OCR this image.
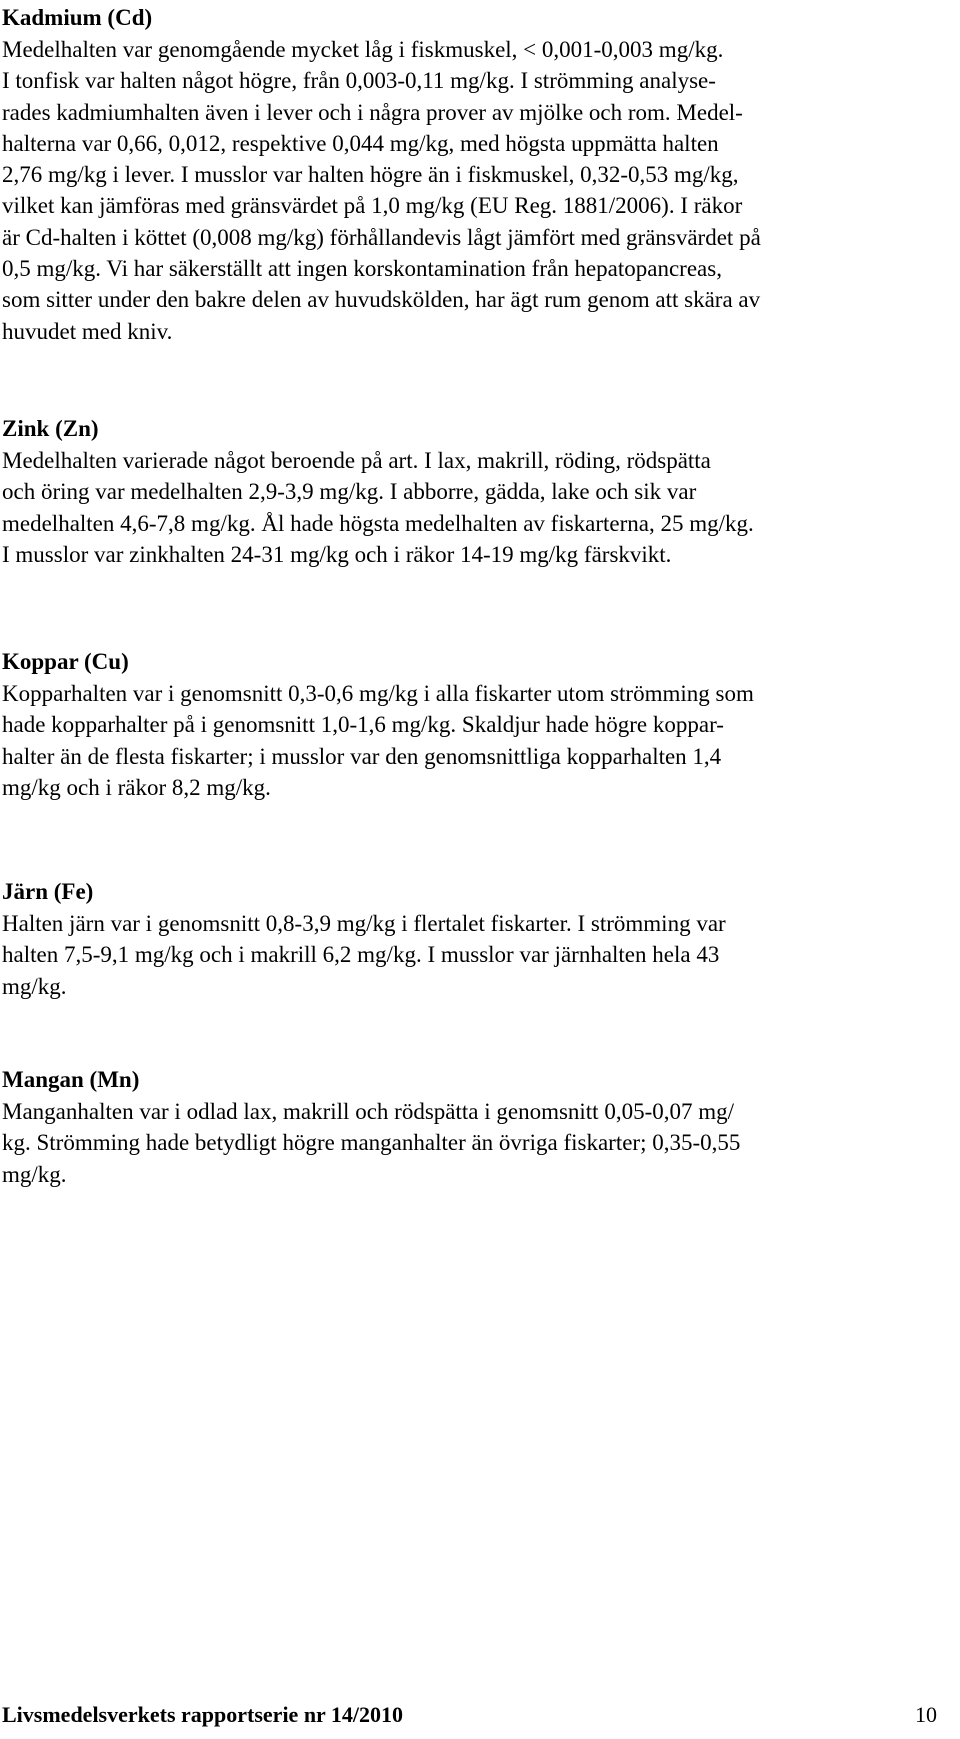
Kadmium (Cd)

Medelhalten var genomgående mycket låg i fiskmuskel, < 0,001-0,003 mg/kg.
I tonfisk var halten något högre, från 0,003-0,11 mg/kg. I strömming analyse-
rades kadmiumhalten även i lever och i några prover av mjölke och rom. Medel-
halterna var 0,66, 0,012, respektive 0,044 mg/kg, med högsta uppmätta halten
2,76 mg/kg i lever. I musslor var halten högre än i fiskmuskel, 0,32-0,53 mg/kg,
vilket kan jämföras med gränsvärdet på 1,0 mg/kg (EU Reg. 1881/2006). I räkor
är Cd-halten i köttet (0,008 mg/kg) förhållandevis lågt jämfört med gränsvärdet på
0,5 mg/kg. Vi har säkerställt att ingen korskontamination från hepatopancreas,
som sitter under den bakre delen av huvudskölden, har ägt rum genom att skära av
huvudet med kniv.

Zink (Zn)

Medelhalten varierade något beroende på art. I lax, makrill, röding, rödspätta
och öring var medelhalten 2,9-3,9 mg/kg. I abborre, gädda, lake och sik var
medelhalten 4,6-7,8 mg/kg. Ål hade högsta medelhalten av fiskarterna, 25 mg/kg.
I musslor var zinkhalten 24-31 mg/kg och i räkor 14-19 mg/kg färskvikt.

Koppar (Cu)

Kopparhalten var i genomsnitt 0,3-0,6 mg/kg i alla fiskarter utom strömming som
hade kopparhalter på i genomsnitt 1,0-1,6 mg/kg. Skaldjur hade högre koppar-
halter än de flesta fiskarter; i musslor var den genomsnittliga kopparhalten 1,4
mg/kg och i räkor 8,2 mg/kg.

Järn (Fe)

Halten järn var i genomsnitt 0,8-3,9 mg/kg i flertalet fiskarter. I strömming var
halten 7,5-9,1 mg/kg och i makrill 6,2 mg/kg. I musslor var järnhalten hela 43
mg/kg.

Mangan (Mn)

Manganhalten var i odlad lax, makrill och rödspätta i genomsnitt 0,05-0,07 mg/
kg. Strömming hade betydligt högre manganhalter än övriga fiskarter; 0,35-0,55
mg/kg.

Livsmedelsverkets rapportserie nr 14/2010	10
